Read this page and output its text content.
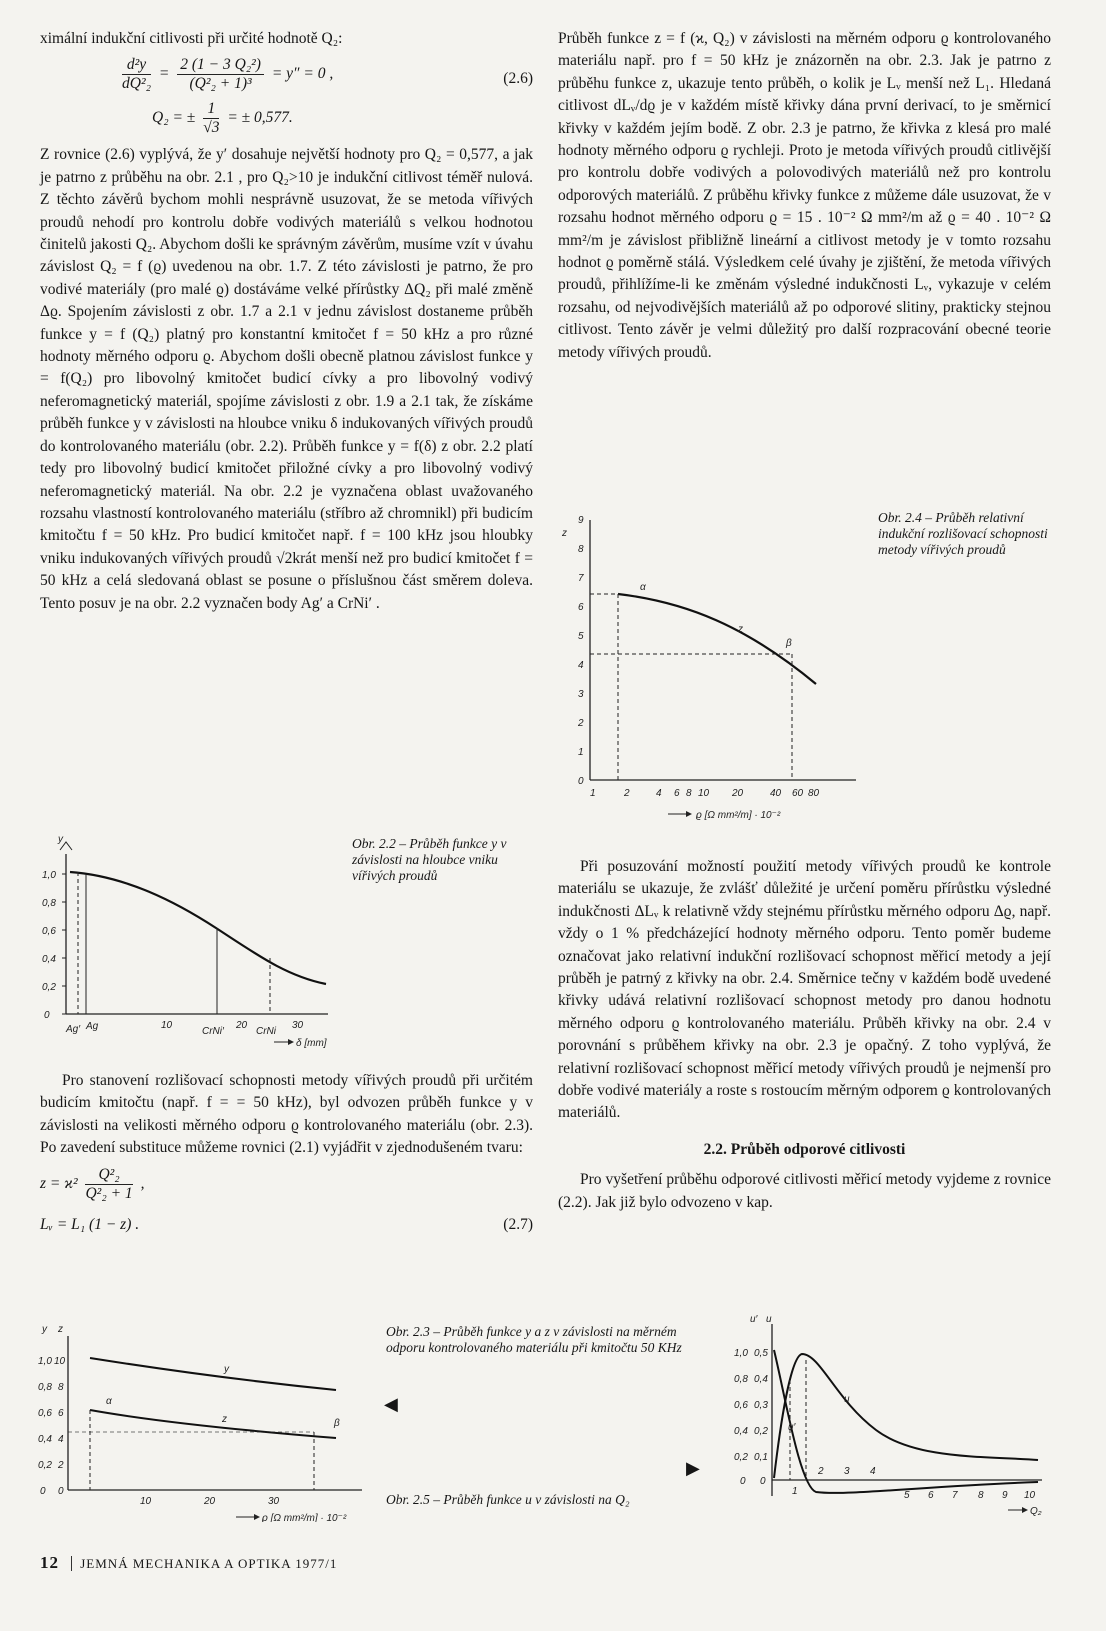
ximální indukční citlivosti při určité hodnotě Q₂:

$\frac{\text{d²y}}{\text{dQ²₂}} = \frac{\text{2 (1 − 3 Q₂²)}}{\text{(Q²₂ + 1)³}} = y'' = 0$ ,	(2.6)
Q₂ = ± $\frac{1}{√3}$ = ± 0,577.

Z rovnice (2.6) vyplývá, že y′ dosahuje největší hodnoty pro Q₂ = 0,577, a jak je patrno z průběhu na obr. 2.1 , pro Q₂>10 je indukční citlivost téměř nulová. Z těchto závěrů bychom mohli nesprávně usuzovat, že se metoda vířivých proudů nehodí pro kontrolu dobře vodivých materiálů s velkou hodnotou činitelů jakosti Q₂. Abychom došli ke správným závěrům, musíme vzít v úvahu závislost Q₂ = f (ϱ) uvedenou na obr. 1.7. Z této závislosti je patrno, že pro vodivé materiály (pro malé ϱ) dostáváme velké přírůstky ΔQ₂ při malé změně Δϱ. Spojením závislosti z obr. 1.7 a 2.1 v jednu závislost dostaneme průběh funkce y = f (Q₂) platný pro konstantní kmitočet f = 50 kHz a pro různé hodnoty měrného odporu ϱ. Abychom došli obecně platnou závislost funkce y = f(Q₂) pro libovolný kmitočet budicí cívky a pro libovolný vodivý neferomagnetický materiál, spojíme závislosti z obr. 1.9 a 2.1 tak, že získáme průběh funkce y v závislosti na hloubce vniku δ indukovaných vířivých proudů do kontrolovaného materiálu (obr. 2.2). Průběh funkce y = f(δ) z obr. 2.2 platí tedy pro libovolný budicí kmitočet přiložné cívky a pro libovolný vodivý neferomagnetický materiál. Na obr. 2.2 je vyznačena oblast uvažovaného rozsahu vlastností kontrolovaného materiálu (stříbro až chromnikl) při budicím kmitočtu f = 50 kHz. Pro budicí kmitočet např. f = 100 kHz jsou hloubky vniku indukovaných vířivých proudů √2krát menší než pro budicí kmitočet f = 50 kHz a celá sledovaná oblast se posune o příslušnou část směrem doleva. Tento posuv je na obr. 2.2 vyznačen body Ag′ a CrNi′ .

y
0
0,2
0,4
0,6
0,8
1,0
Ag′ Ag	10
CrNi′
20
CrNi
30
δ [mm]
Obr. 2.2 – Průběh funkce y v závislosti na hloubce vniku vířivých proudů

Pro stanovení rozlišovací schopnosti metody vířivých proudů při určitém budicím kmitočtu (např. f = = 50 kHz), byl odvozen průběh funkce y v závislosti na velikosti měrného odporu ϱ kontrolovaného materiálu (obr. 2.3). Po zavedení substituce můžeme rovnici (2.1) vyjádřit v zjednodušeném tvaru:

$z = ϰ^2 \frac{\text{Q²₂}}{\text{Q²₂ + 1}}$ ,
Lᵥ = L₁ (1 − z) .	(2.7)
y z
0 0
0,2 2
0,4 4
0,6 6
0,8 8
1,0 10
y
z
α
β
10	20	30
ϱ [Ω mm²/m] · 10⁻²
◀
Obr. 2.3 – Průběh funkce y a z v závislosti na měrném odporu kontrolovaného materiálu při kmitočtu 50 KHz

Průběh funkce z = f (ϰ, Q₂) v závislosti na měrném odporu ϱ kontrolovaného materiálu např. pro f = 50 kHz je znázorněn na obr. 2.3. Jak je patrno z průběhu funkce z, ukazuje tento průběh, o kolik je Lᵥ menší než L₁. Hledaná citlivost dLᵥ/dϱ je v každém místě křivky dána první derivací, to je směrnicí křivky v každém jejím bodě. Z obr. 2.3 je patrno, že křivka z klesá pro malé hodnoty měrného odporu ϱ rychleji. Proto je metoda vířivých proudů citlivější pro kontrolu dobře vodivých a polovodivých materiálů než pro kontrolu odporových materiálů. Z průběhu křivky funkce z můžeme dále usuzovat, že v rozsahu hodnot měrného odporu ϱ = 15 . 10⁻² Ω mm²/m až ϱ = 40 . 10⁻² Ω mm²/m je závislost přibližně lineární a citlivost metody je v tomto rozsahu hodnot ϱ poměrně stálá. Výsledkem celé úvahy je zjištění, že metoda vířivých proudů, přihlížíme-li ke změnám výsledné indukčnosti Lᵥ, vykazuje v celém rozsahu, od nejvodivějších materiálů až po odporové slitiny, prakticky stejnou citlivost. Tento závěr je velmi důležitý pro další rozpracování obecné teorie metody vířivých proudů.

z
0
1
2
3
4
5
6
7
8
9
z
α
β
1	2	4 6 8 10 20	40 60 80
ϱ [Ω mm²/m] · 10⁻²
Obr. 2.4 – Průběh relativní indukční rozlišovací schopnosti metody vířivých proudů

Při posuzování možností použití metody vířivých proudů ke kontrole materiálu se ukazuje, že zvlášť důležité je určení poměru přírůstku výsledné indukčnosti ΔLᵥ k relativně vždy stejnému přírůstku měrného odporu Δϱ, např. vždy o 1 % předcházející hodnoty měrného odporu. Tento poměr budeme označovat jako relativní indukční rozlišovací schopnost měřicí metody a její průběh je patrný z křivky na obr. 2.4. Směrnice tečny v každém bodě uvedené křivky udává relativní rozlišovací schopnost metody pro danou hodnotu měrného odporu ϱ kontrolovaného materiálu. Průběh křivky na obr. 2.4 v porovnání s průběhem křivky na obr. 2.3 je opačný. Z toho vyplývá, že relativní rozlišovací schopnost měřicí metody vířivých proudů je nejmenší pro dobře vodivé materiály a roste s rostoucím měrným odporem ϱ kontrolovaných materiálů.

2.2. Průběh odporové citlivosti

Pro vyšetření průběhu odporové citlivosti měřicí metody vyjdeme z rovnice (2.2). Jak již bylo odvozeno v kap.

▶
u′ u
0 0
0,2 0,1
0,4 0,2
0,6 0,3
0,8 0,4
1,0 0,5
u
u′
1
2 3 4
5 6 7 8 9 10
Q₂
Obr. 2.5 – Průběh funkce u v závislosti na Q₂
12 JEMNÁ MECHANIKA A OPTIKA 1977/1
